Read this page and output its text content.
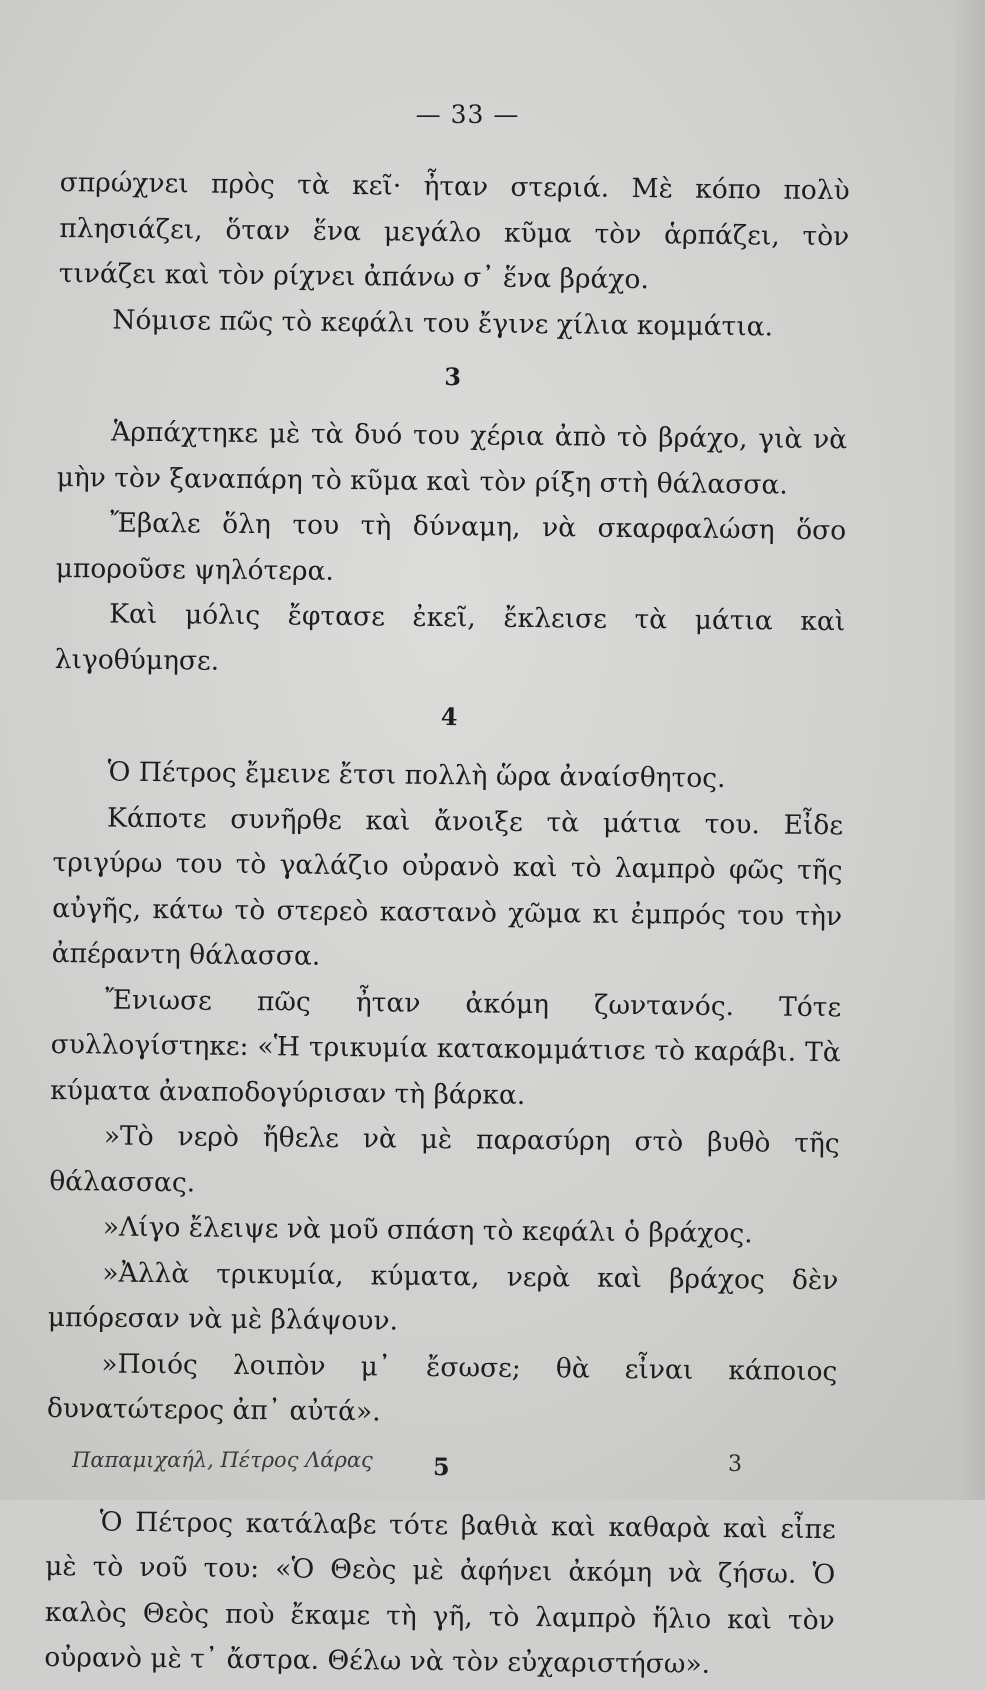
— 33 —

σπρώχνει πρὸς τὰ κεῖ· ἦταν στεριά. Μὲ κόπο πολὺ πλησιάζει, ὅταν ἕνα μεγάλο κῦμα τὸν ἁρπάζει, τὸν τινάζει καὶ τὸν ρίχνει ἀπάνω σ᾽ ἕνα βράχο.

Νόμισε πῶς τὸ κεφάλι του ἔγινε χίλια κομμάτια.

3

Ἁρπάχτηκε μὲ τὰ δυό του χέρια ἀπὸ τὸ βράχο, γιὰ νὰ μὴν τὸν ξαναπάρη τὸ κῦμα καὶ τὸν ρίξη στὴ θάλασσα.

Ἔβαλε ὅλη του τὴ δύναμη, νὰ σκαρφαλώση ὅσο μποροῦσε ψηλότερα.

Καὶ μόλις ἔφτασε ἐκεῖ, ἔκλεισε τὰ μάτια καὶ λιγοθύμησε.

4

Ὁ Πέτρος ἔμεινε ἔτσι πολλὴ ὥρα ἀναίσθητος.

Κάποτε συνῆρθε καὶ ἄνοιξε τὰ μάτια του. Εἶδε τριγύρω του τὸ γαλάζιο οὐρανὸ καὶ τὸ λαμπρὸ φῶς τῆς αὐγῆς, κάτω τὸ στερεὸ καστανὸ χῶμα κι ἐμπρός του τὴν ἀπέραντη θάλασσα.

Ἔνιωσε πῶς ἦταν ἀκόμη ζωντανός. Τότε συλλογίστηκε: «Ἡ τρικυμία κατακομμάτισε τὸ καράβι. Τὰ κύματα ἀναποδογύρισαν τὴ βάρκα.

»Τὸ νερὸ ἤθελε νὰ μὲ παρασύρη στὸ βυθὸ τῆς θάλασσας.

»Λίγο ἔλειψε νὰ μοῦ σπάση τὸ κεφάλι ὁ βράχος.

»Ἀλλὰ τρικυμία, κύματα, νερὰ καὶ βράχος δὲν μπόρεσαν νὰ μὲ βλάψουν.

»Ποιός λοιπὸν μ᾽ ἔσωσε; θὰ εἶναι κάποιος δυνατώτερος ἀπ᾽ αὐτά».

5

Ὁ Πέτρος κατάλαβε τότε βαθιὰ καὶ καθαρὰ καὶ εἶπε μὲ τὸ νοῦ του: «Ὁ Θεὸς μὲ ἀφήνει ἀκόμη νὰ ζήσω. Ὁ καλὸς Θεὸς ποὺ ἔκαμε τὴ γῆ, τὸ λαμπρὸ ἥλιο καὶ τὸν οὐρανὸ μὲ τ᾽ ἄστρα. Θέλω νὰ τὸν εὐχαριστήσω».

Παπαμιχαήλ, Πέτρος Λάρας	3
